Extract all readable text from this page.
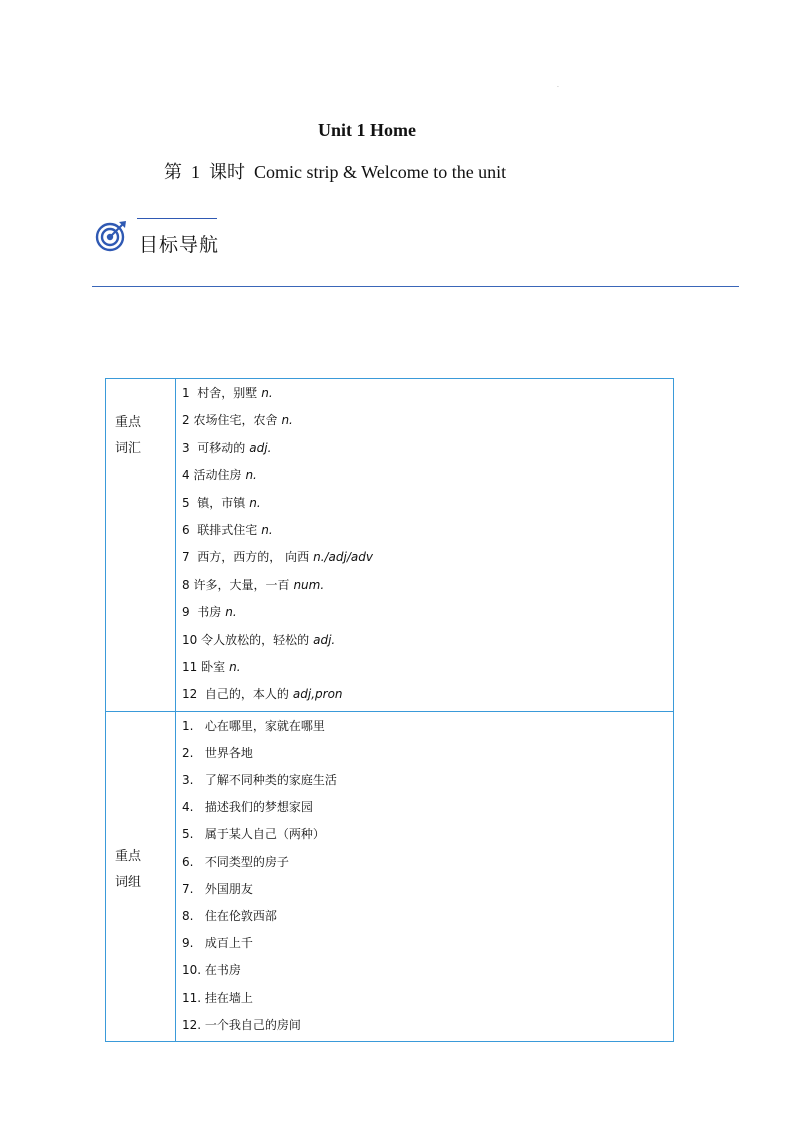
·
Unit 1 Home
第  1  课时  Comic strip & Welcome to the unit
目标导航
重点
词汇
1  村舍，别墅 n.
2 农场住宅，农舍 n.
3  可移动的 adj.
4 活动住房 n.
5  镇，市镇 n.
6  联排式住宅 n.
7  西方，西方的， 向西 n./adj/adv
8 许多，大量，一百 num.
9  书房 n.
10 令人放松的，轻松的 adj.
11 卧室 n.
12  自己的，本人的 adj,pron
重点
词组
1.   心在哪里，家就在哪里
2.   世界各地
3.   了解不同种类的家庭生活
4.   描述我们的梦想家园
5.   属于某人自己（两种）
6.   不同类型的房子
7.   外国朋友
8.   住在伦敦西部
9.   成百上千
10. 在书房
11. 挂在墙上
12. 一个我自己的房间
